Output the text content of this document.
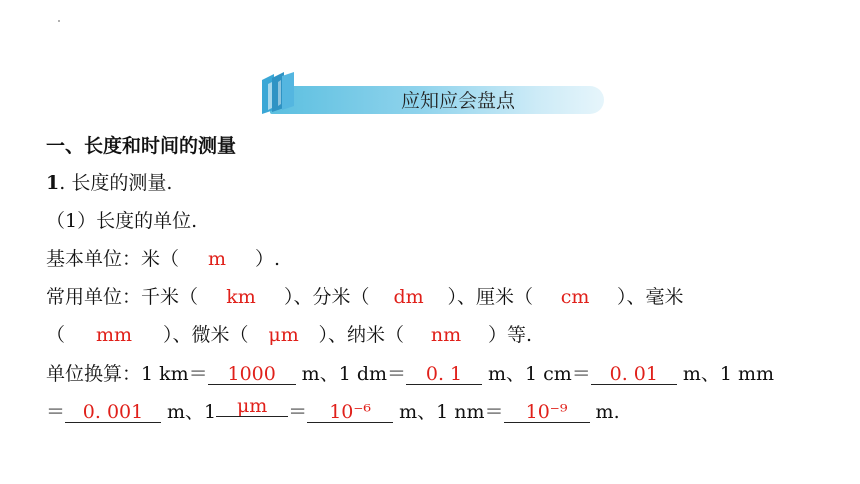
应知应会盘点
一、长度和时间的测量
1. 长度的测量.
（1）长度的单位.
基本单位：米（ m ）.
常用单位：千米（ km ）、分米（ dm ）、厘米（ cm ）、毫米
（ mm ）、微米（ μm ）、纳米（ nm ）等.
单位换算：1 km＝ 1000 m、1 dm＝ 0. 1 m、1 cm＝ 0. 01 m、1 mm
＝ 0. 001 m、1 μm ＝ 10⁻⁶ m、1 nm＝ 10⁻⁹ m.
